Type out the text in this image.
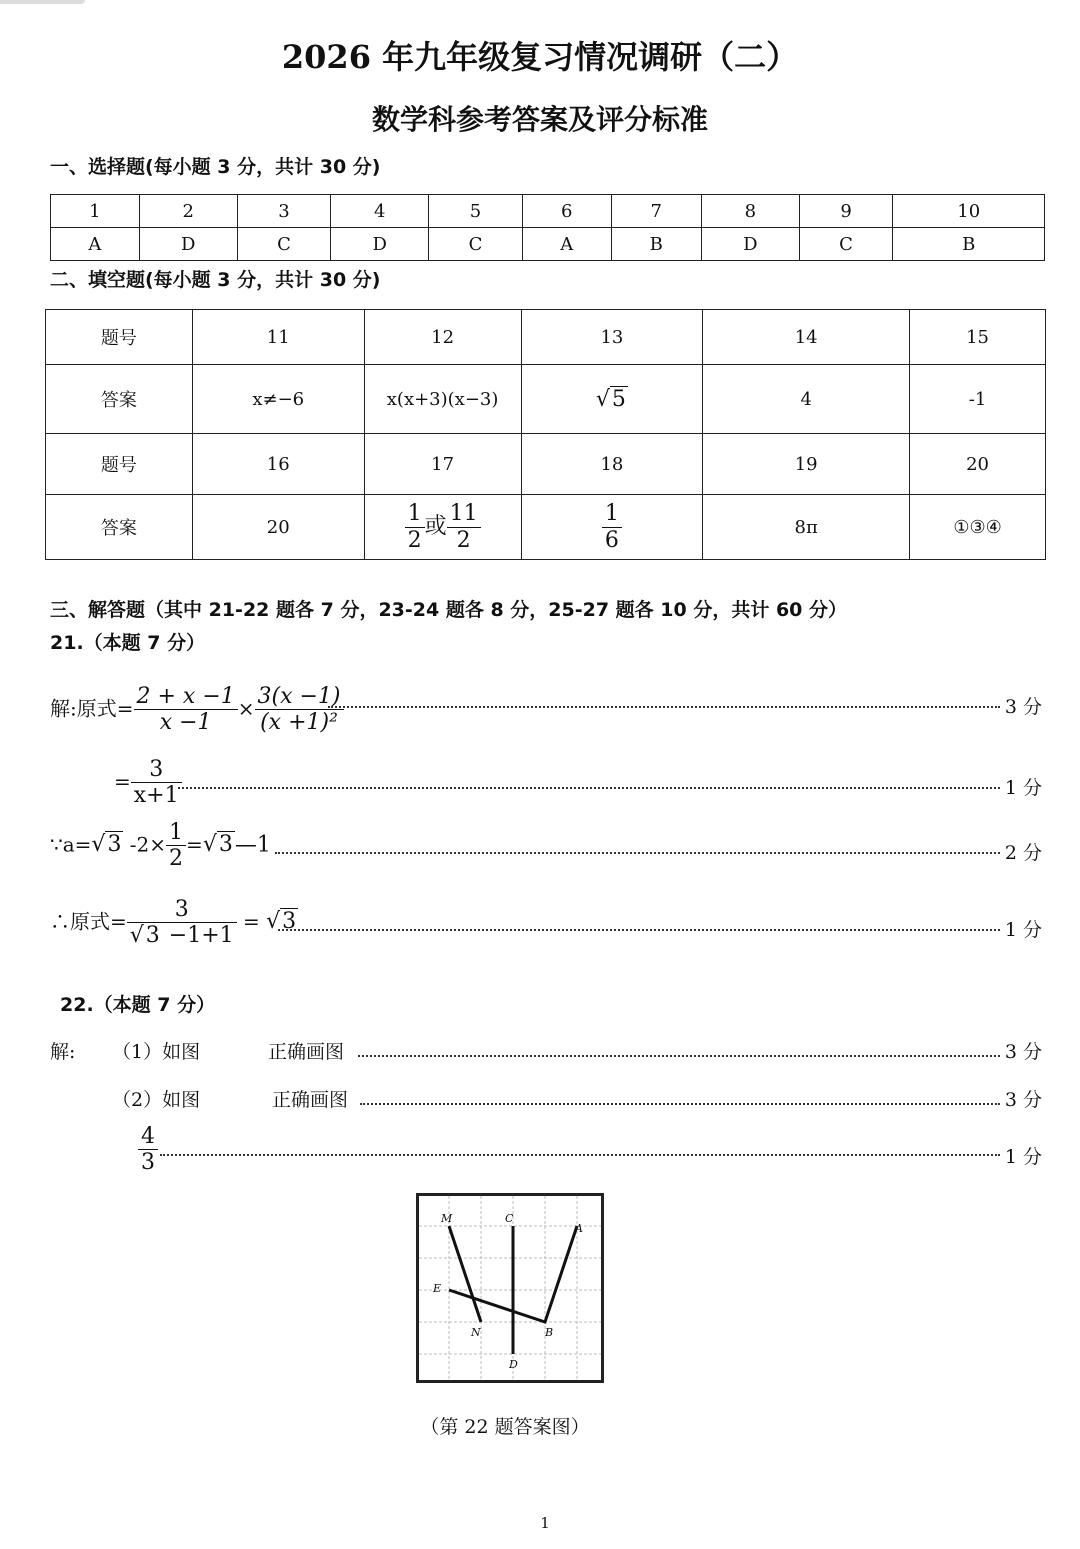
2026 年九年级复习情况调研（二）
数学科参考答案及评分标准
一、选择题(每小题 3 分，共计 30 分)
1	2	3	4	5	6	7	8	9	10
A	D	C	D	C	A	B	D	C	B
二、填空题(每小题 3 分，共计 30 分)
题号	11	12	13	14	15
答案	x≠−6	x(x+3)(x−3)	√5	4	-1
题号	16	17	18	19	20
答案	20	$\frac{1}{2}$ 或 $\frac{11}{2}$	$\frac{1}{6}$	8π	①③④
三、解答题（其中 21-22 题各 7 分，23-24 题各 8 分，25-27 题各 10 分，共计 60 分）
21.（本题 7 分）
解:原式= $\frac{2 + x -1}{x -1} \times \frac{3(x -1)}{\text{(x +1)²}}$	3 分
= $\frac{3}{x+1}$	1 分
∵a=√3 $-2\times \frac{1}{2}$ =√3—1	2 分
∴原式= $\frac{3}{√3 -1+1} = √3$	1 分
22.（本题 7 分）
解: （1）如图	正确画图	3 分
（2）如图	正确画图	3 分
$\frac{4}{3}$	1 分
M	C
A
E
N	B
D
（第 22 题答案图）
1
